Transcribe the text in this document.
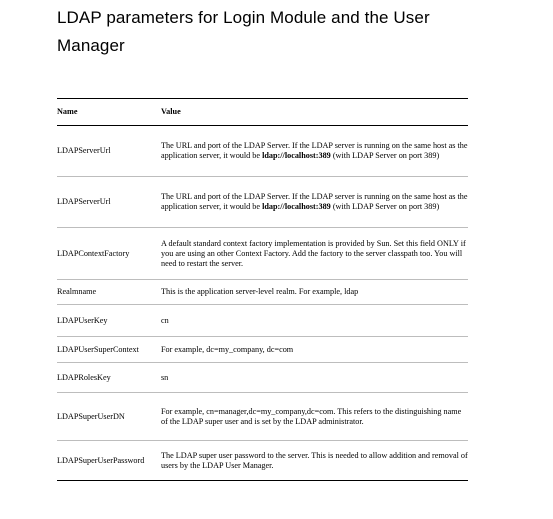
LDAP parameters for Login Module and the User Manager
Name	Value
LDAPServerUrl	The URL and port of the LDAP Server. If the LDAP server is running on the same host as the application server, it would be ldap://localhost:389 (with LDAP Server on port 389)
LDAPServerUrl	The URL and port of the LDAP Server. If the LDAP server is running on the same host as the application server, it would be ldap://localhost:389 (with LDAP Server on port 389)
LDAPContextFactory	A default standard context factory implementation is provided by Sun. Set this field ONLY if you are using an other Context Factory. Add the factory to the server classpath too. You will need to restart the server.
Realmname	This is the application server-level realm. For example, ldap
LDAPUserKey	cn
LDAPUserSuperContext	For example, dc=my_company, dc=com
LDAPRolesKey	sn
LDAPSuperUserDN	For example, cn=manager,dc=my_company,dc=com. This refers to the distinguishing name of the LDAP super user and is set by the LDAP administrator.
LDAPSuperUserPassword	The LDAP super user password to the server. This is needed to allow addition and removal of users by the LDAP User Manager.
